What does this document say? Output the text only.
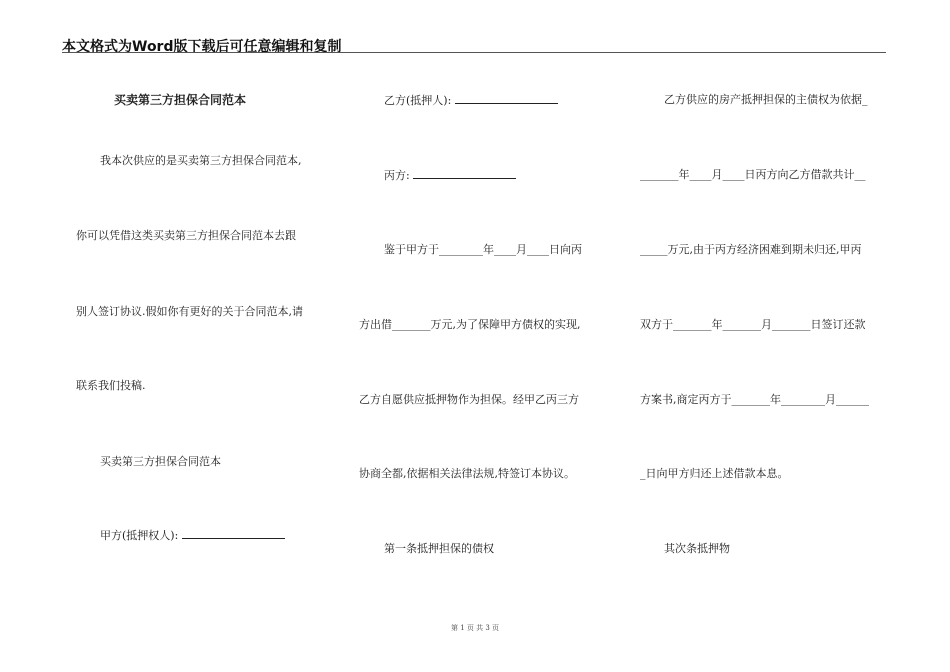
本文格式为Word版下载后可任意编辑和复制
买卖第三方担保合同范本
我本次供应的是买卖第三方担保合同范本,
你可以凭借这类买卖第三方担保合同范本去跟
别人签订协议.假如你有更好的关于合同范本,请
联系我们投稿.
买卖第三方担保合同范本
甲方(抵押权人):
乙方(抵押人):
丙方:
鉴于甲方于________年____月____日向丙
方出借_______万元,为了保障甲方债权的实现,
乙方自愿供应抵押物作为担保。经甲乙丙三方
协商全都,依据相关法律法规,特签订本协议。
第一条抵押担保的债权
乙方供应的房产抵押担保的主债权为依据_
_______年____月____日丙方向乙方借款共计__
_____万元,由于丙方经济困难到期未归还,甲丙
双方于_______年_______月_______日签订还款
方案书,商定丙方于_______年________月______
_日向甲方归还上述借款本息。
其次条抵押物
第 1 页 共 3 页
